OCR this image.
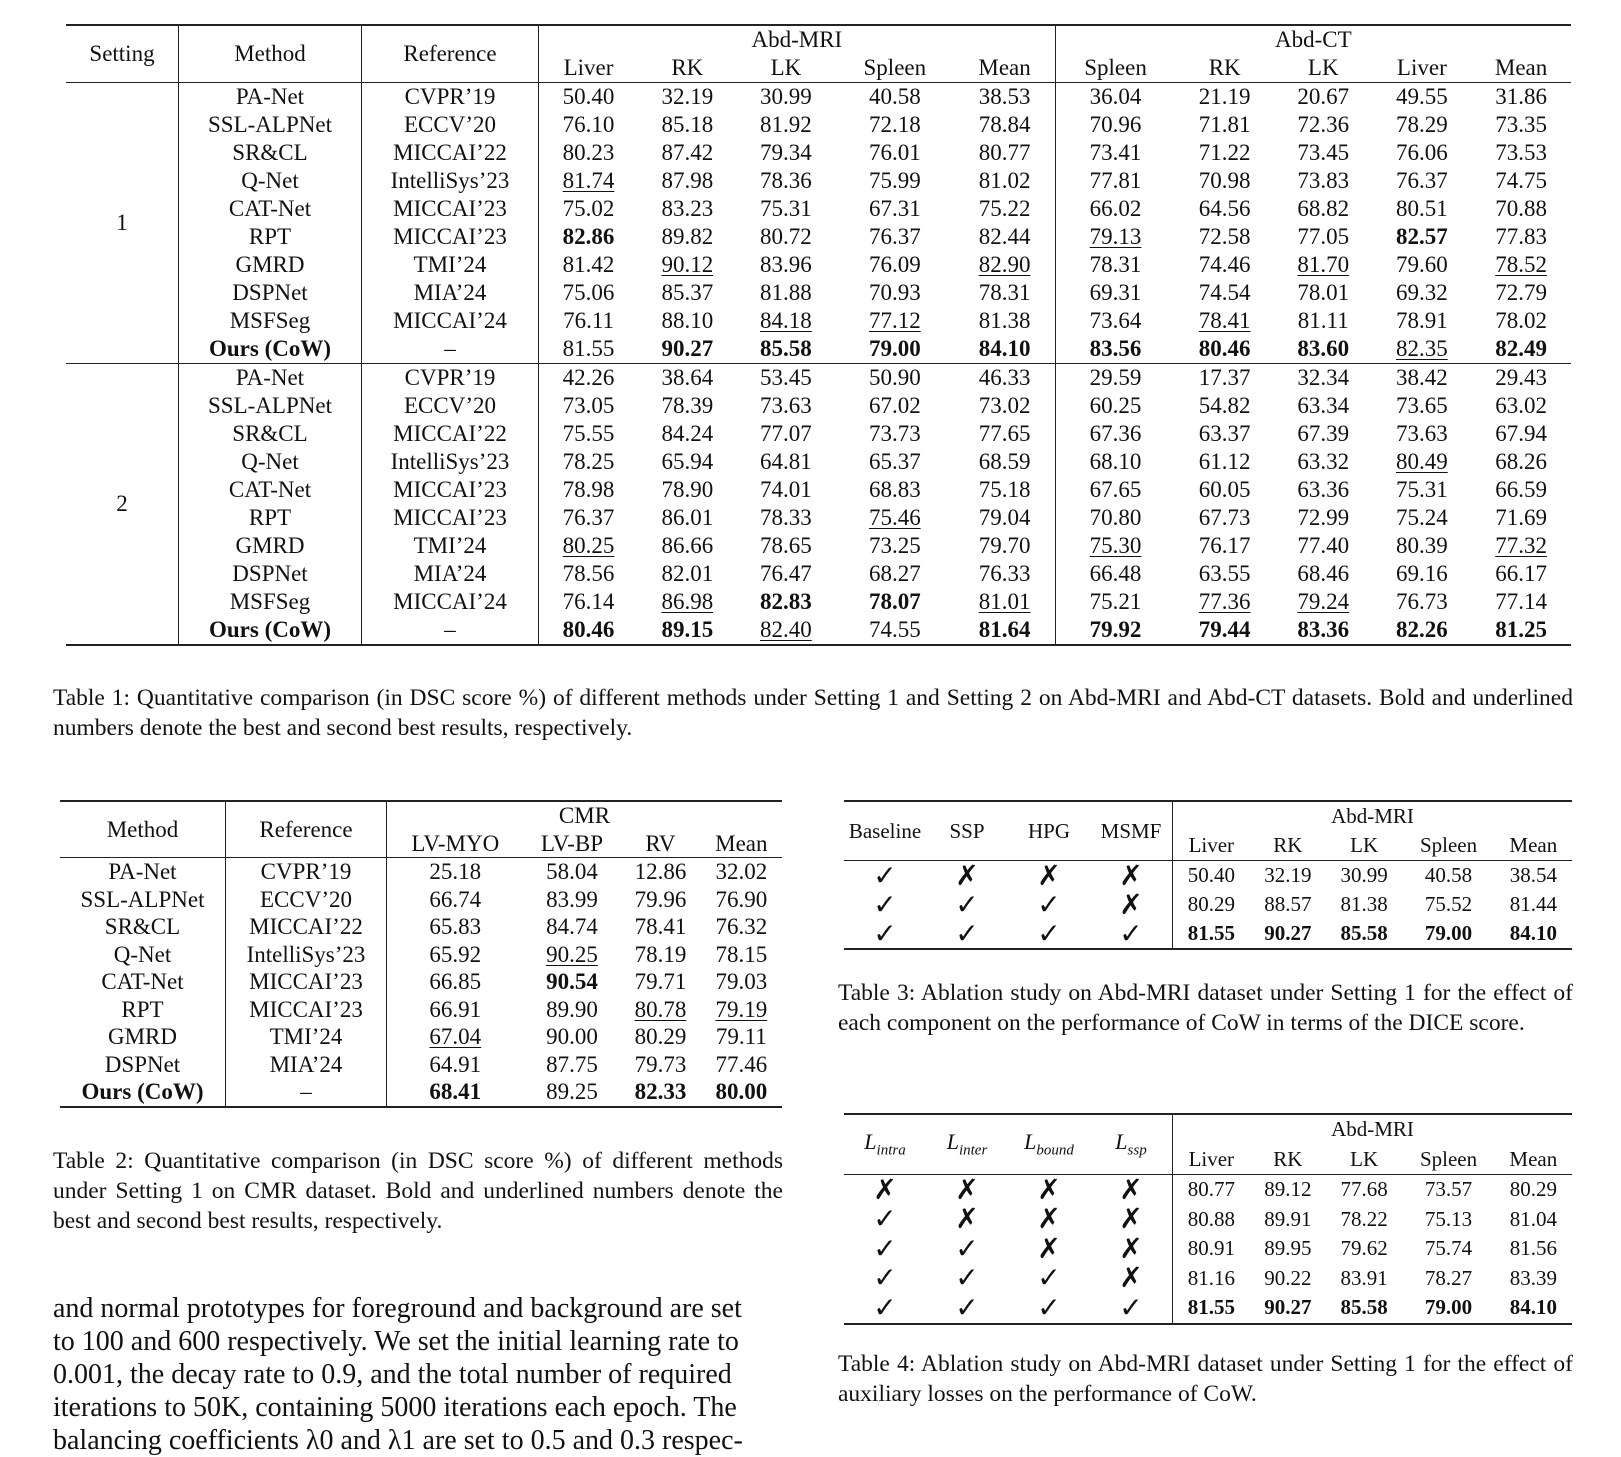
Setting	Method	Reference	Abd-MRI					Abd-CT				
			Liver	RK	LK	Spleen	Mean	Spleen	RK	LK	Liver	Mean
1	PA-Net	CVPR’19	50.40	32.19	30.99	40.58	38.53	36.04	21.19	20.67	49.55	31.86
	SSL-ALPNet	ECCV’20	76.10	85.18	81.92	72.18	78.84	70.96	71.81	72.36	78.29	73.35
	SR&CL	MICCAI’22	80.23	87.42	79.34	76.01	80.77	73.41	71.22	73.45	76.06	73.53
	Q-Net	IntelliSys’23	81.74	87.98	78.36	75.99	81.02	77.81	70.98	73.83	76.37	74.75
	CAT-Net	MICCAI’23	75.02	83.23	75.31	67.31	75.22	66.02	64.56	68.82	80.51	70.88
	RPT	MICCAI’23	82.86	89.82	80.72	76.37	82.44	79.13	72.58	77.05	82.57	77.83
	GMRD	TMI’24	81.42	90.12	83.96	76.09	82.90	78.31	74.46	81.70	79.60	78.52
	DSPNet	MIA’24	75.06	85.37	81.88	70.93	78.31	69.31	74.54	78.01	69.32	72.79
	MSFSeg	MICCAI’24	76.11	88.10	84.18	77.12	81.38	73.64	78.41	81.11	78.91	78.02
	Ours (CoW)	–	81.55	90.27	85.58	79.00	84.10	83.56	80.46	83.60	82.35	82.49
2	PA-Net	CVPR’19	42.26	38.64	53.45	50.90	46.33	29.59	17.37	32.34	38.42	29.43
	SSL-ALPNet	ECCV’20	73.05	78.39	73.63	67.02	73.02	60.25	54.82	63.34	73.65	63.02
	SR&CL	MICCAI’22	75.55	84.24	77.07	73.73	77.65	67.36	63.37	67.39	73.63	67.94
	Q-Net	IntelliSys’23	78.25	65.94	64.81	65.37	68.59	68.10	61.12	63.32	80.49	68.26
	CAT-Net	MICCAI’23	78.98	78.90	74.01	68.83	75.18	67.65	60.05	63.36	75.31	66.59
	RPT	MICCAI’23	76.37	86.01	78.33	75.46	79.04	70.80	67.73	72.99	75.24	71.69
	GMRD	TMI’24	80.25	86.66	78.65	73.25	79.70	75.30	76.17	77.40	80.39	77.32
	DSPNet	MIA’24	78.56	82.01	76.47	68.27	76.33	66.48	63.55	68.46	69.16	66.17
	MSFSeg	MICCAI’24	76.14	86.98	82.83	78.07	81.01	75.21	77.36	79.24	76.73	77.14
	Ours (CoW)	–	80.46	89.15	82.40	74.55	81.64	79.92	79.44	83.36	82.26	81.25
Table 1: Quantitative comparison (in DSC score %) of different methods under Setting 1 and Setting 2 on Abd-MRI and Abd-CT datasets. Bold and underlined numbers denote the best and second best results, respectively.
Method	Reference	CMR			
		LV-MYO	LV-BP	RV	Mean
PA-Net	CVPR’19	25.18	58.04	12.86	32.02
SSL-ALPNet	ECCV’20	66.74	83.99	79.96	76.90
SR&CL	MICCAI’22	65.83	84.74	78.41	76.32
Q-Net	IntelliSys’23	65.92	90.25	78.19	78.15
CAT-Net	MICCAI’23	66.85	90.54	79.71	79.03
RPT	MICCAI’23	66.91	89.90	80.78	79.19
GMRD	TMI’24	67.04	90.00	80.29	79.11
DSPNet	MIA’24	64.91	87.75	79.73	77.46
Ours (CoW)	–	68.41	89.25	82.33	80.00
Table 2: Quantitative comparison (in DSC score %) of different methods under Setting 1 on CMR dataset. Bold and underlined numbers denote the best and second best results, respectively.
Baseline	SSP	HPG	MSMF	Abd-MRI				
				Liver	RK	LK	Spleen	Mean
✓	✗	✗	✗	50.40	32.19	30.99	40.58	38.54
✓	✓	✓	✗	80.29	88.57	81.38	75.52	81.44
✓	✓	✓	✓	81.55	90.27	85.58	79.00	84.10
Table 3: Ablation study on Abd-MRI dataset under Setting 1 for the effect of each component on the performance of CoW in terms of the DICE score.
$L_{intra}$	$L_{inter}$	$L_{bound}$	$L_{ssp}$	Abd-MRI				
				Liver	RK	LK	Spleen	Mean
✗	✗	✗	✗	80.77	89.12	77.68	73.57	80.29
✓	✗	✗	✗	80.88	89.91	78.22	75.13	81.04
✓	✓	✗	✗	80.91	89.95	79.62	75.74	81.56
✓	✓	✓	✗	81.16	90.22	83.91	78.27	83.39
✓	✓	✓	✓	81.55	90.27	85.58	79.00	84.10
Table 4: Ablation study on Abd-MRI dataset under Setting 1 for the effect of auxiliary losses on the performance of CoW.
and normal prototypes for foreground and background are set
to 100 and 600 respectively. We set the initial learning rate to
0.001, the decay rate to 0.9, and the total number of required
iterations to 50K, containing 5000 iterations each epoch. The
balancing coefficients λ0 and λ1 are set to 0.5 and 0.3 respec-
